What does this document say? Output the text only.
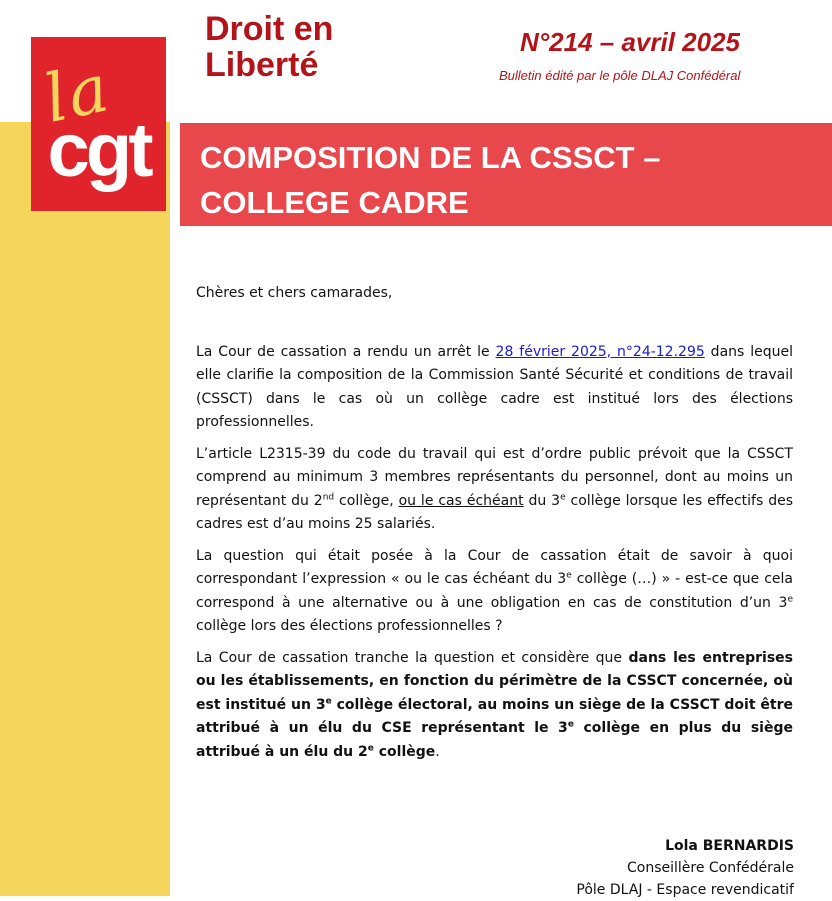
la
cgt
Droit en
Liberté
N°214 – avril 2025
Bulletin édité par le pôle DLAJ Confédéral
COMPOSITION DE LA CSSCT –
COLLEGE CADRE

Chères et chers camarades,

La Cour de cassation a rendu un arrêt le 28 février 2025, n°24-12.295 dans lequel elle clarifie la composition de la Commission Santé Sécurité et conditions de travail (CSSCT) dans le cas où un collège cadre est institué lors des élections professionnelles.

L’article L2315-39 du code du travail qui est d’ordre public prévoit que la CSSCT comprend au minimum 3 membres représentants du personnel, dont au moins un représentant du 2nd collège, ou le cas échéant du 3e collège lorsque les effectifs des cadres est d’au moins 25 salariés.

La question qui était posée à la Cour de cassation était de savoir à quoi correspondant l’expression « ou le cas échéant du 3e collège (…) » - est-ce que cela correspond à une alternative ou à une obligation en cas de constitution d’un 3e collège lors des élections professionnelles ?

La Cour de cassation tranche la question et considère que dans les entreprises ou les établissements, en fonction du périmètre de la CSSCT concernée, où est institué un 3e collège électoral, au moins un siège de la CSSCT doit être attribué à un élu du CSE représentant le 3e collège en plus du siège attribué à un élu du 2e collège.

Lola BERNARDIS
Conseillère Confédérale
Pôle DLAJ - Espace revendicatif
